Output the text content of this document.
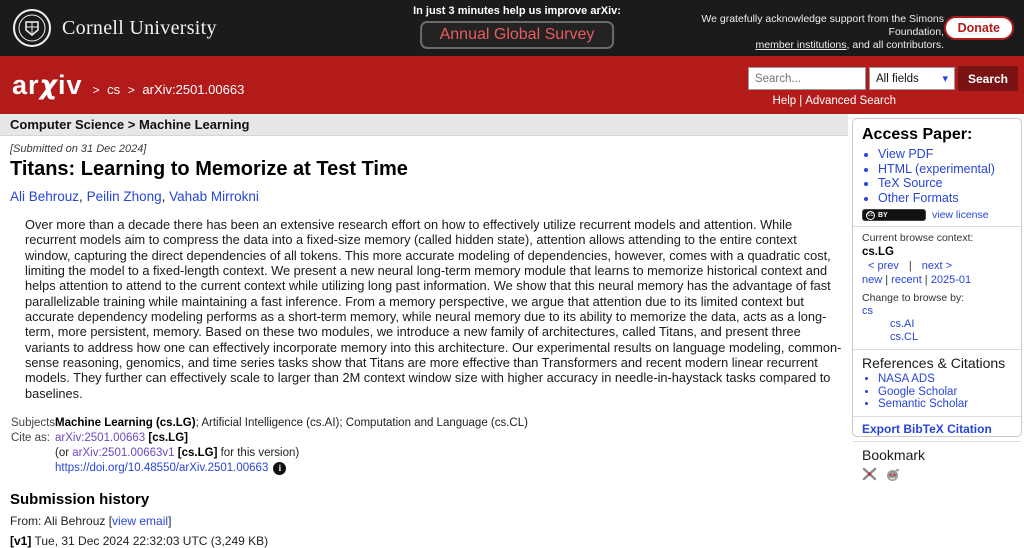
Cornell University
In just 3 minutes help us improve arXiv:
Annual Global Survey
We gratefully acknowledge support from the Simons Foundation,
member institutions, and all contributors.
Donate
arχiv > cs > arXiv:2501.00663
Search...
All fields ▾	Search
Help | Advanced Search
Computer Science > Machine Learning
[Submitted on 31 Dec 2024]
Titans: Learning to Memorize at Test Time
Ali Behrouz , Peilin Zhong , Vahab Mirrokni

Over more than a decade there has been an extensive research effort on how to effectively utilize recurrent models and attention. While recurrent models aim to compress the data into a fixed-size memory (called hidden state), attention allows attending to the entire context window, capturing the direct dependencies of all tokens. This more accurate modeling of dependencies, however, comes with a quadratic cost, limiting the model to a fixed-length context. We present a new neural long-term memory module that learns to memorize historical context and helps attention to attend to the current context while utilizing long past information. We show that this neural memory has the advantage of fast parallelizable training while maintaining a fast inference. From a memory perspective, we argue that attention due to its limited context but accurate dependency modeling performs as a short-term memory, while neural memory due to its ability to memorize the data, acts as a long-term, more persistent, memory. Based on these two modules, we introduce a new family of architectures, called Titans, and present three variants to address how one can effectively incorporate memory into this architecture. Our experimental results on language modeling, common-sense reasoning, genomics, and time series tasks show that Titans are more effective than Transformers and recent modern linear recurrent models. They further can effectively scale to larger than 2M context window size with higher accuracy in needle-in-haystack tasks compared to baselines.

Subjects:
Machine Learning (cs.LG); Artificial Intelligence (cs.AI); Computation and Language (cs.CL)
Cite as: arXiv:2501.00663 [cs.LG]
(or arXiv:2501.00663v1 [cs.LG] for this version)
https://doi.org/10.48550/arXiv.2501.00663 i
Submission history
From: Ali Behrouz [view email]
[v1] Tue, 31 Dec 2024 22:32:03 UTC (3,249 KB)
Access Paper:
• View PDF
• HTML (experimental)
• TeX Source
• Other Formats
cc BY	view license
Current browse context:
cs.LG
< prev | next >
new | recent | 2025-01
Change to browse by:
cs
cs.AI
cs.CL
References & Citations
• NASA ADS
• Google Scholar
• Semantic Scholar
Export BibTeX Citation
Bookmark
